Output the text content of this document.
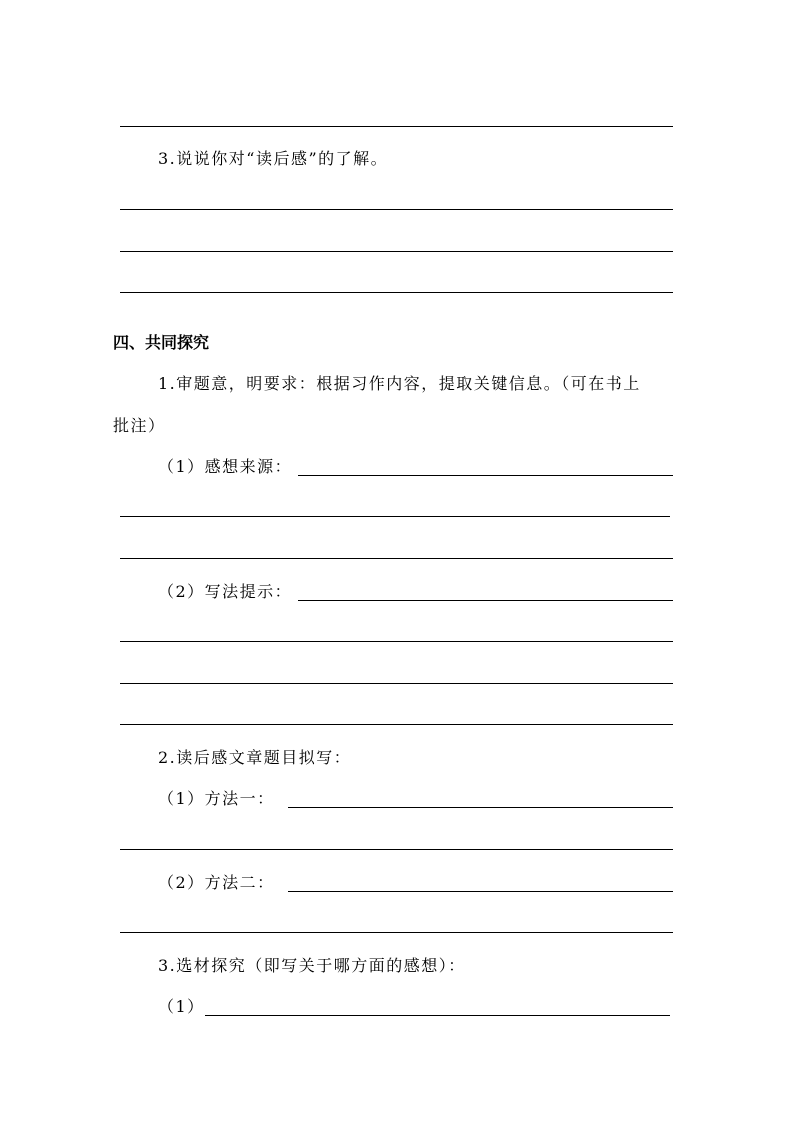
3.说说你对“读后感”的了解。
四、共同探究
1.审题意，明要求：根据习作内容，提取关键信息。（可在书上
批注）
（1）感想来源：
（2）写法提示：
2.读后感文章题目拟写：
（1）方法一：
（2）方法二：
3.选材探究（即写关于哪方面的感想）：
（1）
